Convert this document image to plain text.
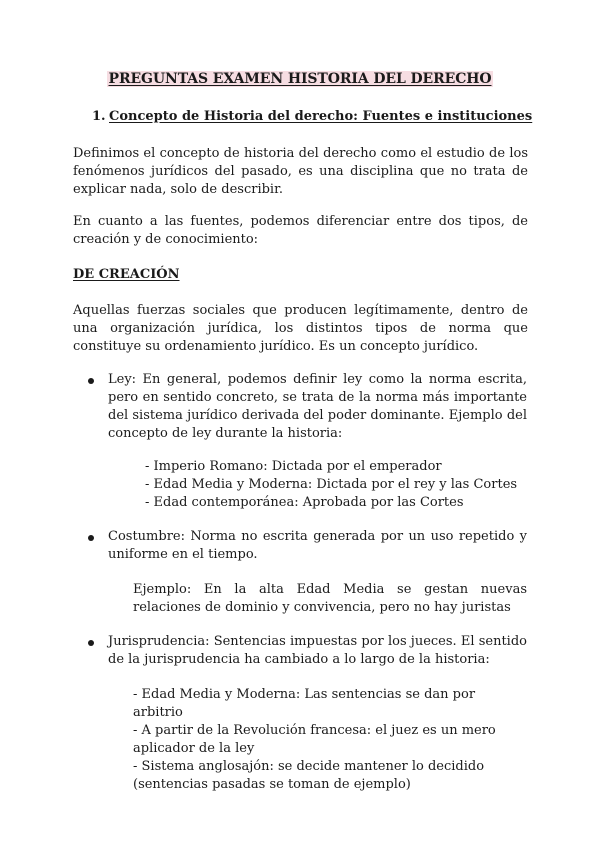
PREGUNTAS EXAMEN HISTORIA DEL DERECHO
1. Concepto de Historia del derecho: Fuentes e instituciones
Definimos el concepto de historia del derecho como el estudio de los fenómenos jurídicos del pasado, es una disciplina que no trata de explicar nada, solo de describir.
En cuanto a las fuentes, podemos diferenciar entre dos tipos, de creación y de conocimiento:
DE CREACIÓN
Aquellas fuerzas sociales que producen legítimamente, dentro de una organización jurídica, los distintos tipos de norma que constituye su ordenamiento jurídico. Es un concepto jurídico.
Ley: En general, podemos definir ley como la norma escrita, pero en sentido concreto, se trata de la norma más importante del sistema jurídico derivada del poder dominante. Ejemplo del concepto de ley durante la historia:
- Imperio Romano: Dictada por el emperador
- Edad Media y Moderna: Dictada por el rey y las Cortes
- Edad contemporánea: Aprobada por las Cortes
Costumbre: Norma no escrita generada por un uso repetido y uniforme en el tiempo.
Ejemplo: En la alta Edad Media se gestan nuevas relaciones de dominio y convivencia, pero no hay juristas
Jurisprudencia: Sentencias impuestas por los jueces. El sentido de la jurisprudencia ha cambiado a lo largo de la historia:
- Edad Media y Moderna: Las sentencias se dan por arbitrio
- A partir de la Revolución francesa: el juez es un mero aplicador de la ley
- Sistema anglosajón: se decide mantener lo decidido (sentencias pasadas se toman de ejemplo)
